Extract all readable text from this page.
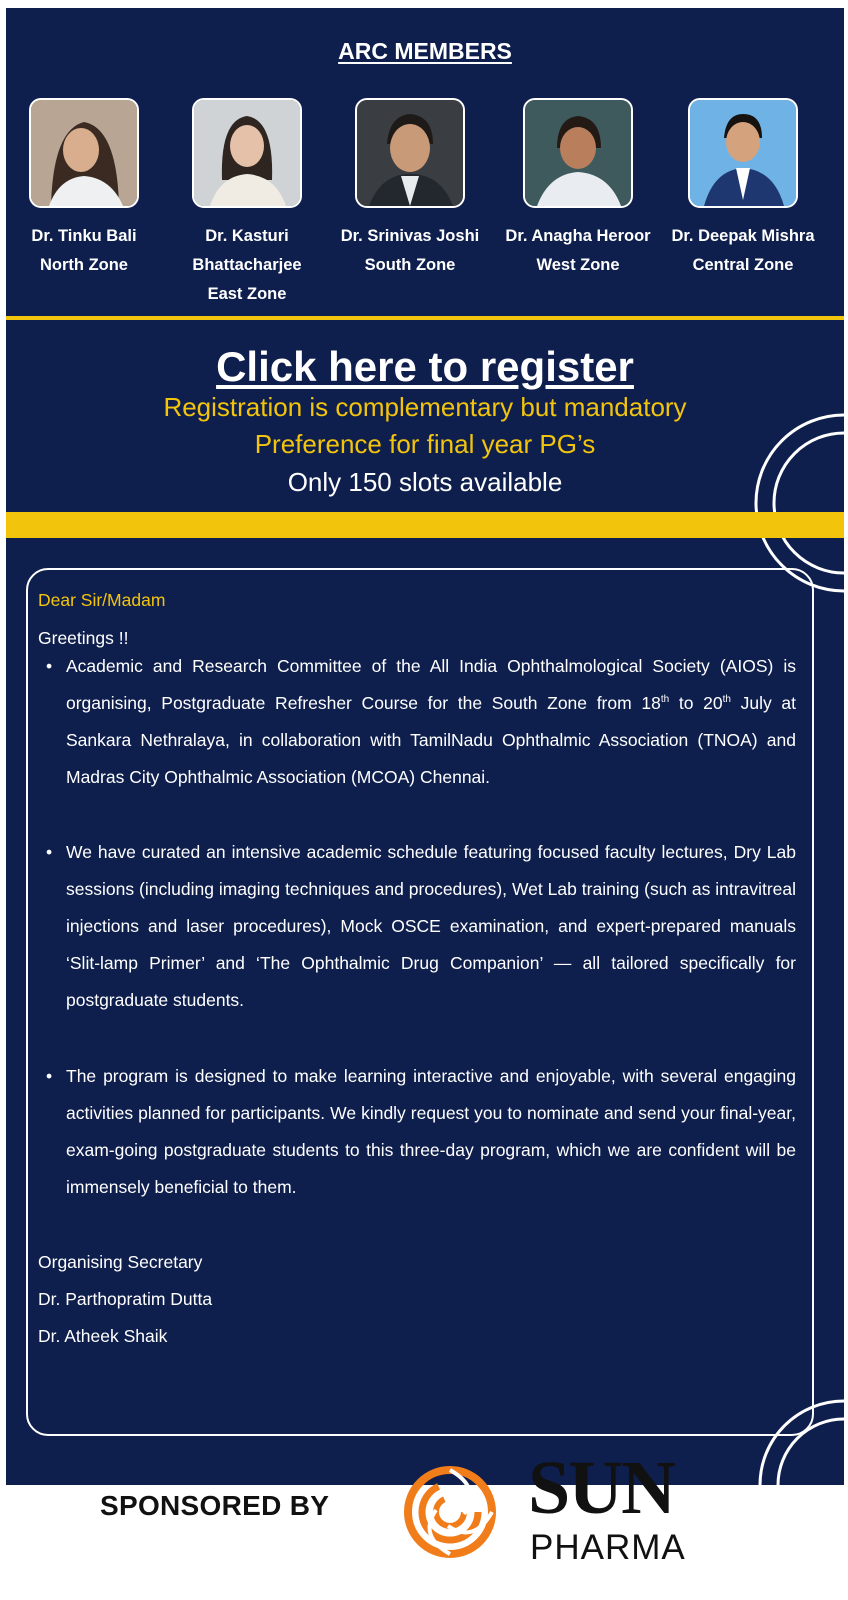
ARC MEMBERS
Dr. Tinku Bali
North Zone
Dr. Kasturi Bhattacharjee
East Zone
Dr. Srinivas Joshi
South Zone
Dr. Anagha Heroor
West Zone
Dr. Deepak Mishra
Central Zone
Click here to register
Registration is complementary but mandatory
Preference for final year PG’s
Only 150 slots available
Dear Sir/Madam
Greetings !!
• Academic and Research Committee of the All India Ophthalmological Society (AIOS) is organising, Postgraduate Refresher Course for the South Zone from 18th to 20th July at Sankara Nethralaya, in collaboration with TamilNadu Ophthalmic Association (TNOA) and Madras City Ophthalmic Association (MCOA) Chennai.
• We have curated an intensive academic schedule featuring focused faculty lectures, Dry Lab sessions (including imaging techniques and procedures), Wet Lab training (such as intravitreal injections and laser procedures), Mock OSCE examination, and expert-prepared manuals ‘Slit-lamp Primer’ and ‘The Ophthalmic Drug Companion’ — all tailored specifically for postgraduate students.
• The program is designed to make learning interactive and enjoyable, with several engaging activities planned for participants. We kindly request you to nominate and send your final-year, exam-going postgraduate students to this three-day program, which we are confident will be immensely beneficial to them.
Organising Secretary
Dr. Parthopratim Dutta
Dr. Atheek Shaik
SPONSORED BY	SUN
PHARMA
